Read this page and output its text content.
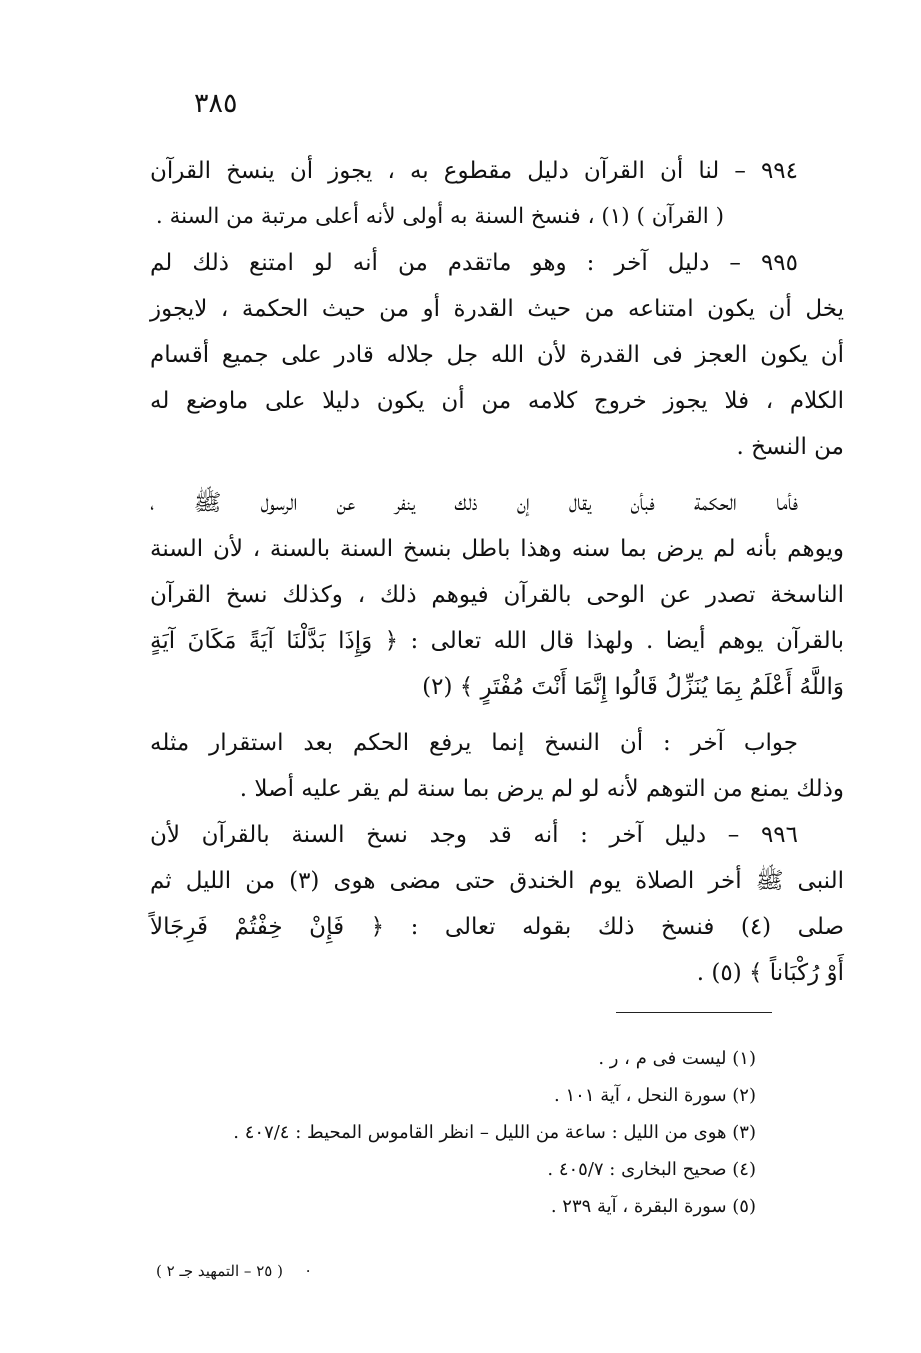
٣٨٥

٩٩٤ – لنا أن القرآن دليل مقطوع به ، يجوز أن ينسخ القرآن
( القرآن ) (١) ، فنسخ السنة به أولى لأنه أعلى مرتبة من السنة .

٩٩٥ – دليل آخر : وهو ماتقدم من أنه لو امتنع ذلك لم
يخل أن يكون امتناعه من حيث القدرة أو من حيث الحكمة ، لايجوز
أن يكون العجز فى القدرة لأن الله جل جلاله قادر على جميع أقسام
الكلام ، فلا يجوز خروج كلامه من أن يكون دليلا على ماوضع له
من النسخ .

فأما الحكمة فبأن يقال إن ذلك ينفر عن الرسول ﷺ ،
ويوهم بأنه لم يرض بما سنه وهذا باطل بنسخ السنة بالسنة ، لأن السنة
الناسخة تصدر عن الوحى بالقرآن فيوهم ذلك ، وكذلك نسخ القرآن
بالقرآن يوهم أيضا . ولهذا قال الله تعالى : ﴿ وَإِذَا بَدَّلْنَا آيَةً مَكَانَ آيَةٍ
وَاللَّهُ أَعْلَمُ بِمَا يُنَزِّلُ قَالُوا إِنَّمَا أَنْتَ مُفْتَرٍ ﴾ (٢)

جواب آخر : أن النسخ إنما يرفع الحكم بعد استقرار مثله
وذلك يمنع من التوهم لأنه لو لم يرض بما سنة لم يقر عليه أصلا .

٩٩٦ – دليل آخر : أنه قد وجد نسخ السنة بالقرآن لأن
النبى ﷺ أخر الصلاة يوم الخندق حتى مضى هوى (٣) من الليل ثم
صلى (٤) فنسخ ذلك بقوله تعالى : ﴿ فَإِنْ خِفْتُمْ فَرِجَالاً
أَوْ رُكْبَاناً ﴾ (٥) .

(١) ليست فى م ، ر .
(٢) سورة النحل ، آية ١٠١ .
(٣) هوى من الليل : ساعة من الليل – انظر القاموس المحيط : ٤٠٧/٤ .
(٤) صحيح البخارى : ٤٠٥/٧ .
(٥) سورة البقرة ، آية ٢٣٩ .
· ( ٢٥ – التمهيد جـ ٢ )
